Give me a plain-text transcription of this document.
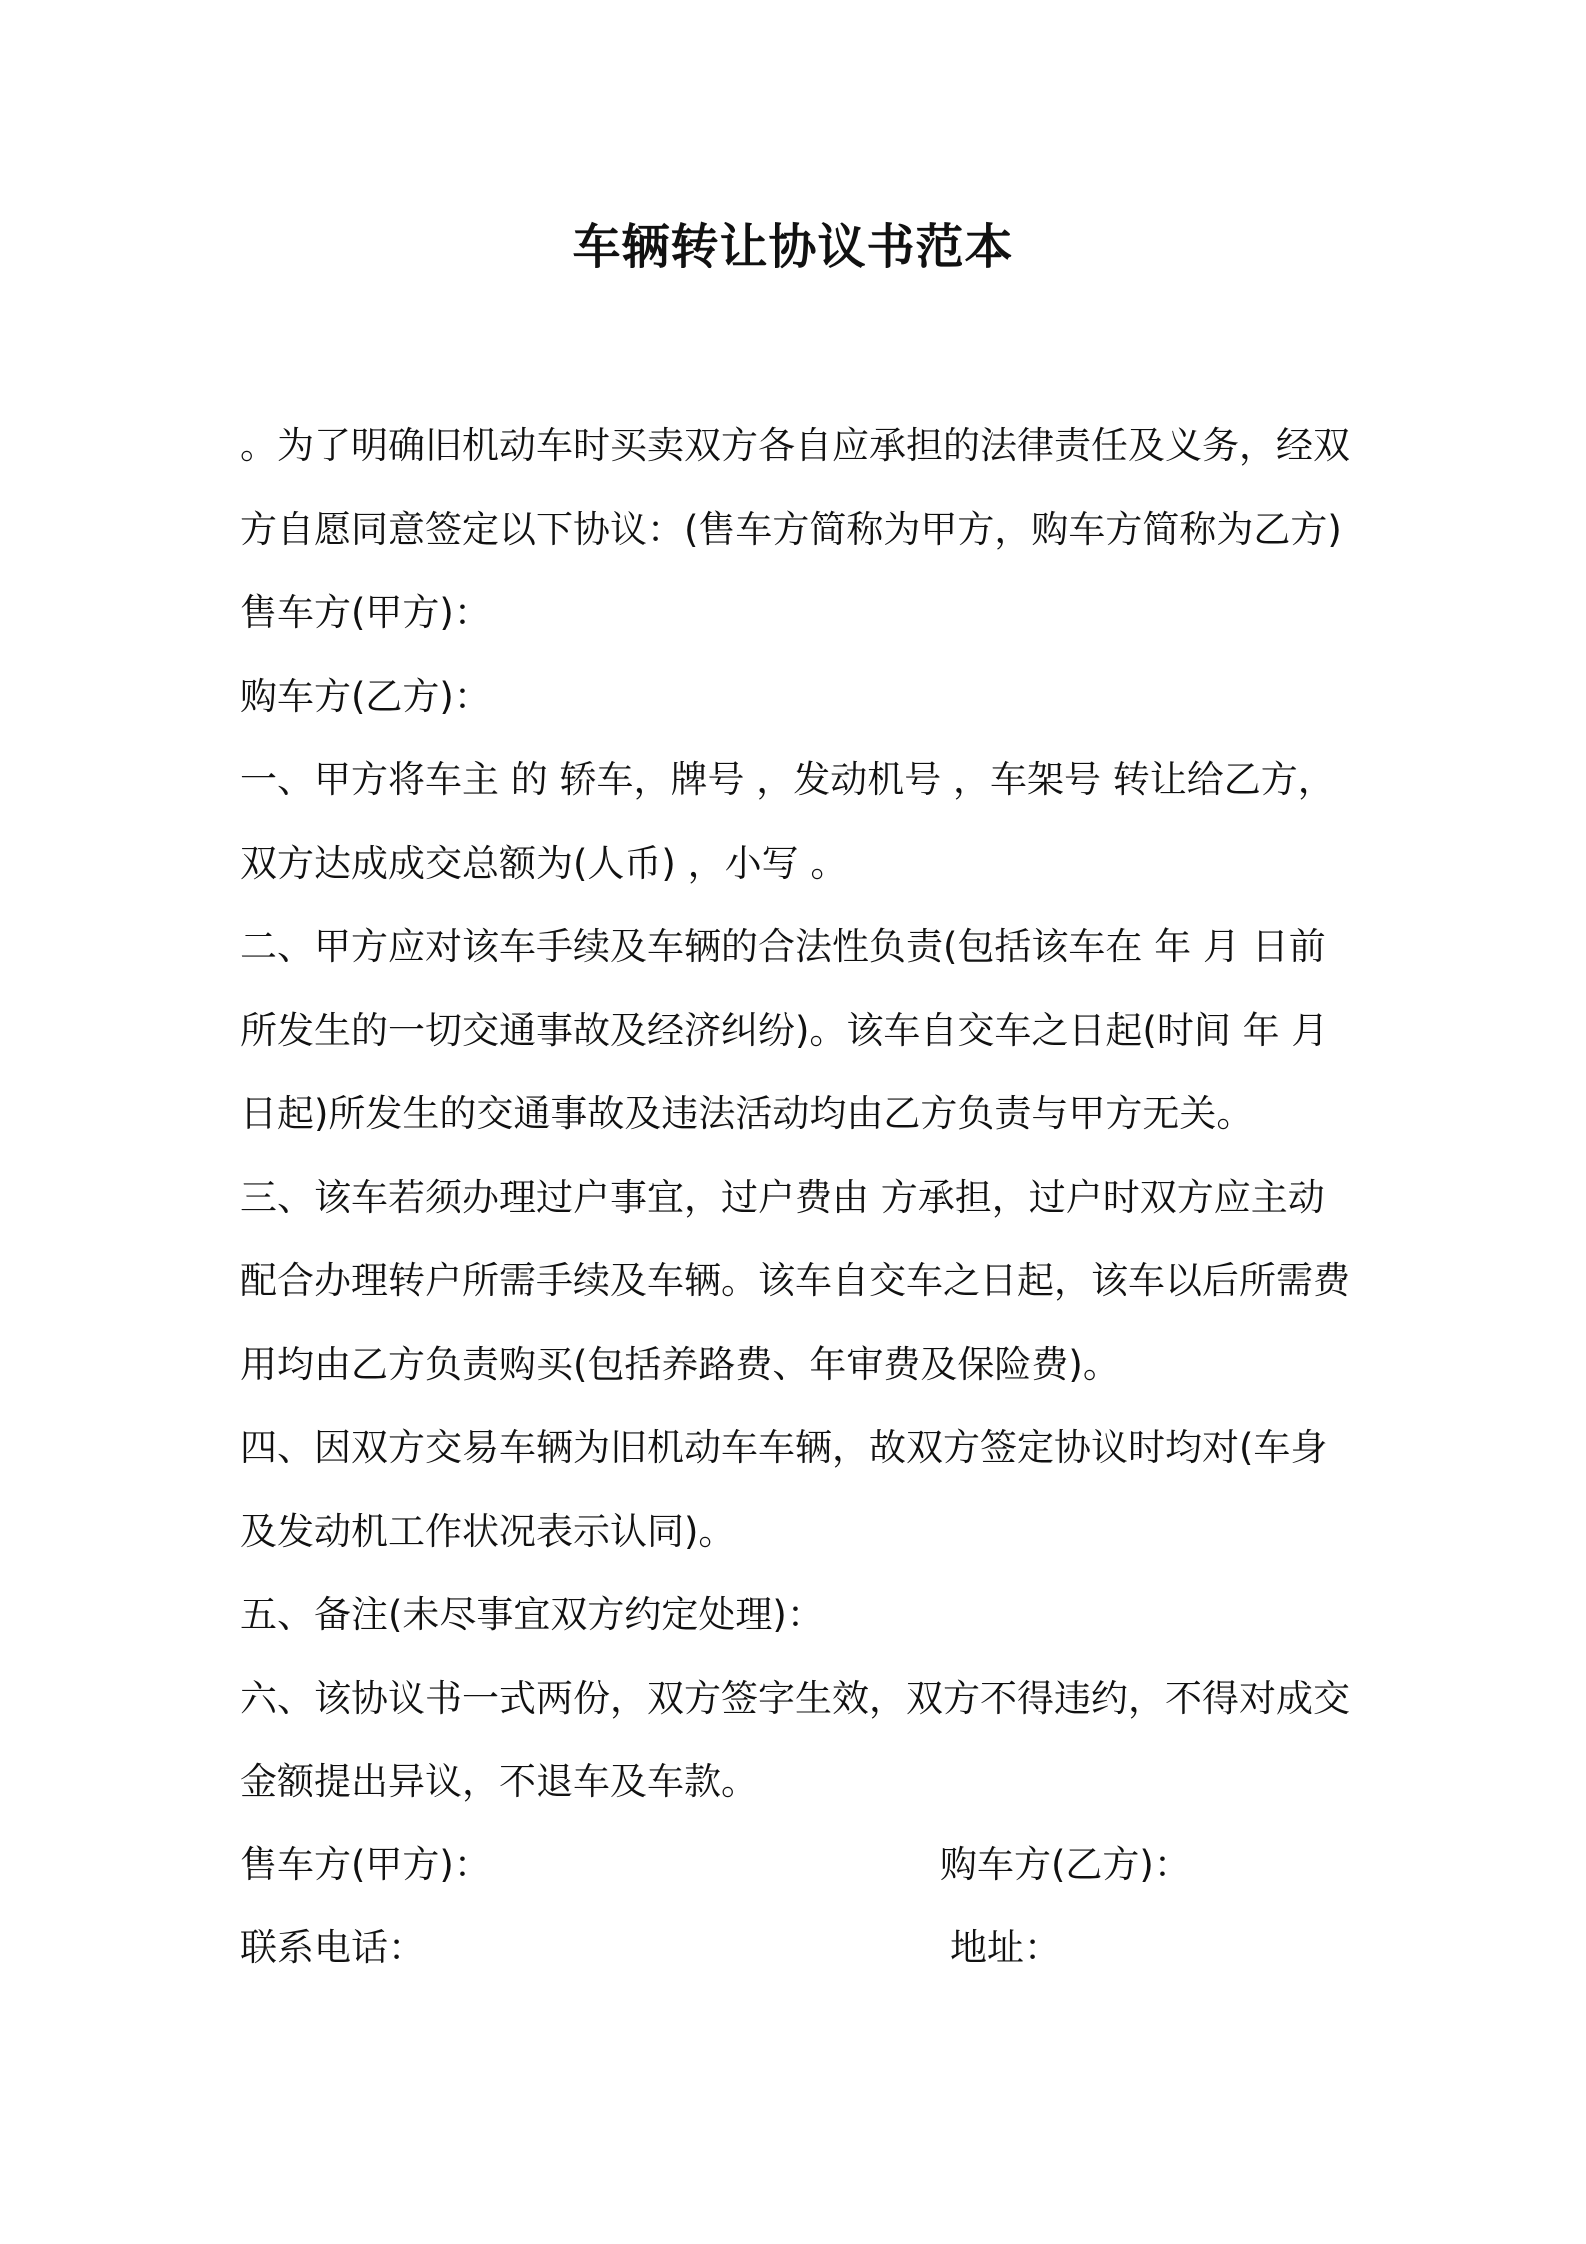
车辆转让协议书范本
。为了明确旧机动车时买卖双方各自应承担的法律责任及义务，经双
方自愿同意签定以下协议：(售车方简称为甲方，购车方简称为乙方)
售车方(甲方)：
购车方(乙方)：
一、甲方将车主 的 轿车，牌号 ，发动机号 ，车架号 转让给乙方，
双方达成成交总额为(人币) ，小写 。
二、甲方应对该车手续及车辆的合法性负责(包括该车在 年 月 日前
所发生的一切交通事故及经济纠纷)。该车自交车之日起(时间 年 月
日起)所发生的交通事故及违法活动均由乙方负责与甲方无关。
三、该车若须办理过户事宜，过户费由 方承担，过户时双方应主动
配合办理转户所需手续及车辆。该车自交车之日起，该车以后所需费
用均由乙方负责购买(包括养路费、年审费及保险费)。
四、因双方交易车辆为旧机动车车辆，故双方签定协议时均对(车身
及发动机工作状况表示认同)。
五、备注(未尽事宜双方约定处理)：
六、该协议书一式两份，双方签字生效，双方不得违约，不得对成交
金额提出异议，不退车及车款。
售车方(甲方)：	购车方(乙方)：
联系电话：	地址：
